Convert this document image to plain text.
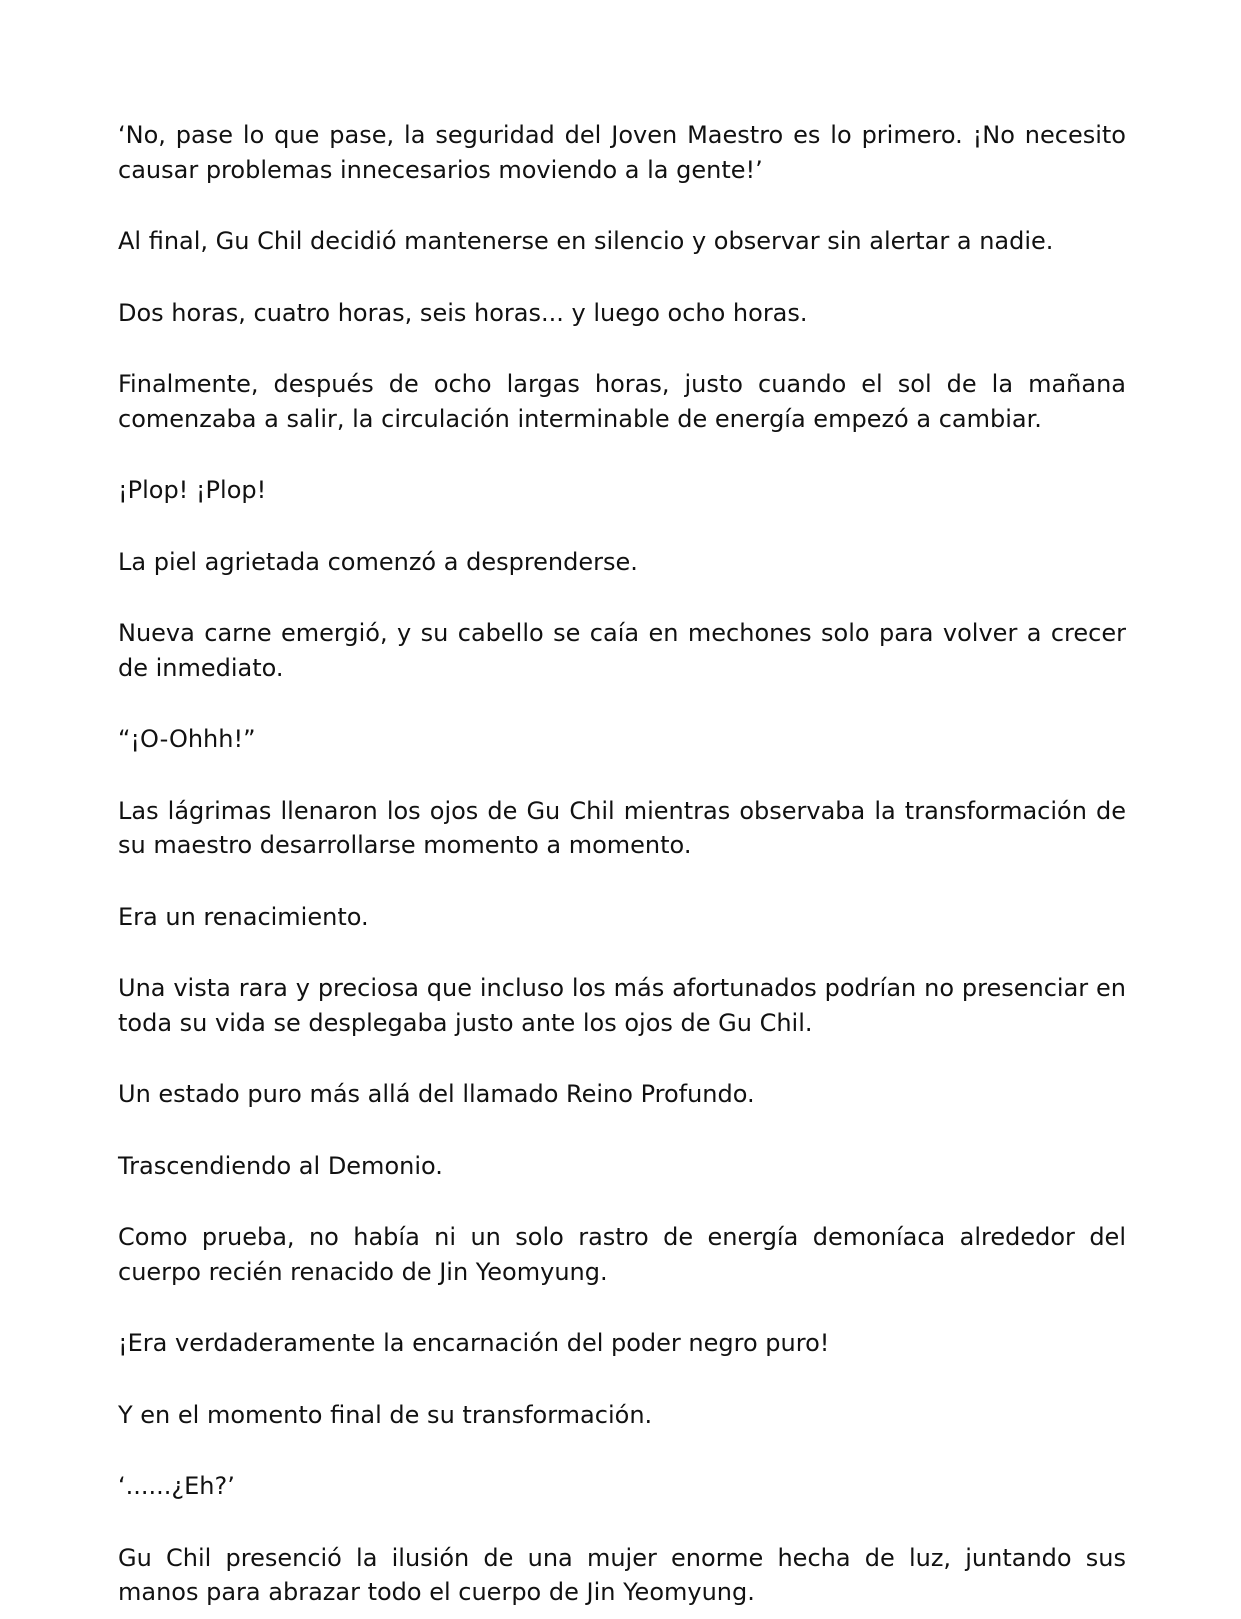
‘No, pase lo que pase, la seguridad del Joven Maestro es lo primero. ¡No necesito causar problemas innecesarios moviendo a la gente!’

Al final, Gu Chil decidió mantenerse en silencio y observar sin alertar a nadie.

Dos horas, cuatro horas, seis horas... y luego ocho horas.

Finalmente, después de ocho largas horas, justo cuando el sol de la mañana comenzaba a salir, la circulación interminable de energía empezó a cambiar.

¡Plop! ¡Plop!

La piel agrietada comenzó a desprenderse.

Nueva carne emergió, y su cabello se caía en mechones solo para volver a crecer de inmediato.

“¡O-Ohhh!”

Las lágrimas llenaron los ojos de Gu Chil mientras observaba la transformación de su maestro desarrollarse momento a momento.

Era un renacimiento.

Una vista rara y preciosa que incluso los más afortunados podrían no presenciar en toda su vida se desplegaba justo ante los ojos de Gu Chil.

Un estado puro más allá del llamado Reino Profundo.

Trascendiendo al Demonio.

Como prueba, no había ni un solo rastro de energía demoníaca alrededor del cuerpo recién renacido de Jin Yeomyung.

¡Era verdaderamente la encarnación del poder negro puro!

Y en el momento final de su transformación.

‘......¿Eh?’

Gu Chil presenció la ilusión de una mujer enorme hecha de luz, juntando sus manos para abrazar todo el cuerpo de Jin Yeomyung.
